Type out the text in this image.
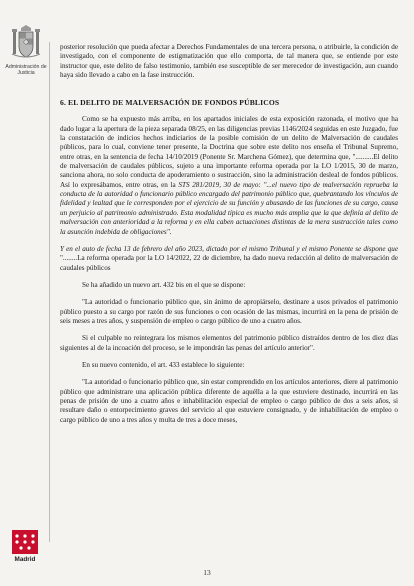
Administración de Justicia
Madrid

posterior resolución que pueda afectar a Derechos Fundamentales de una tercera persona, o atribuirle, la condición de investigado, con el componente de estigmatización que ello comporta, de tal manera que, se entiende por este instructor que, este delito de falso testimonio, también ese susceptible de ser merecedor de investigación, aun cuando haya sido llevado a cabo en la fase instrucción.

6. EL DELITO DE MALVERSACIÓN DE FONDOS PÚBLICOS

Como se ha expuesto más arriba, en los apartados iniciales de esta exposición razonada, el motivo que ha dado lugar a la apertura de la pieza separada 08/25, en las diligencias previas 1146/2024 seguidas en este Juzgado, fue la constatación de indicios hechos indiciarios de la posible comisión de un delito de Malversación de caudales públicos, para lo cual, conviene tener presente, la Doctrina que sobre este delito nos enseña el Tribunal Supremo, entre otras, en la sentencia de fecha 14/10/2019 (Ponente Sr. Marchena Gómez), que determina que, "..........El delito de malversación de caudales públicos, sujeto a una importante reforma operada por la LO 1/2015, 30 de marzo, sanciona ahora, no solo conducta de apoderamiento o sustracción, sino la administración desleal de fondos públicos. Así lo expresábamos, entre otras, en la STS 281/2019, 30 de mayo: "...el nuevo tipo de malversación reprueba la conducta de la autoridad o funcionario público encargado del patrimonio público que, quebrantando los vínculos de fidelidad y lealtad que le corresponden por el ejercicio de su función y abusando de las funciones de su cargo, causa un perjuicio al patrimonio administrado. Esta modalidad típica es mucho más amplia que la que definía al delito de malversación con anterioridad a la reforma y en ella caben actuaciones distintas de la mera sustracción tales como la asunción indebida de obligaciones".

Y en el auto de fecha 13 de febrero del año 2023, dictado por el mismo Tribunal y el mismo Ponente se dispone que "........La reforma operada por la LO 14/2022, 22 de diciembre, ha dado nueva redacción al delito de malversación de caudales públicos

Se ha añadido un nuevo art. 432 bis en el que se dispone:

"La autoridad o funcionario público que, sin ánimo de apropiárselo, destinare a usos privados el patrimonio público puesto a su cargo por razón de sus funciones o con ocasión de las mismas, incurrirá en la pena de prisión de seis meses a tres años, y suspensión de empleo o cargo público de uno a cuatro años.

Si el culpable no reintegrara los mismos elementos del patrimonio público distraídos dentro de los diez días siguientes al de la incoación del proceso, se le impondrán las penas del artículo anterior".

En su nuevo contenido, el art. 433 establece lo siguiente:

"La autoridad o funcionario público que, sin estar comprendido en los artículos anteriores, diere al patrimonio público que administrare una aplicación pública diferente de aquélla a la que estuviere destinado, incurrirá en las penas de prisión de uno a cuatro años e inhabilitación especial de empleo o cargo público de dos a seis años, si resultare daño o entorpecimiento graves del servicio al que estuviere consignado, y de inhabilitación de empleo o cargo público de uno a tres años y multa de tres a doce meses,

13
